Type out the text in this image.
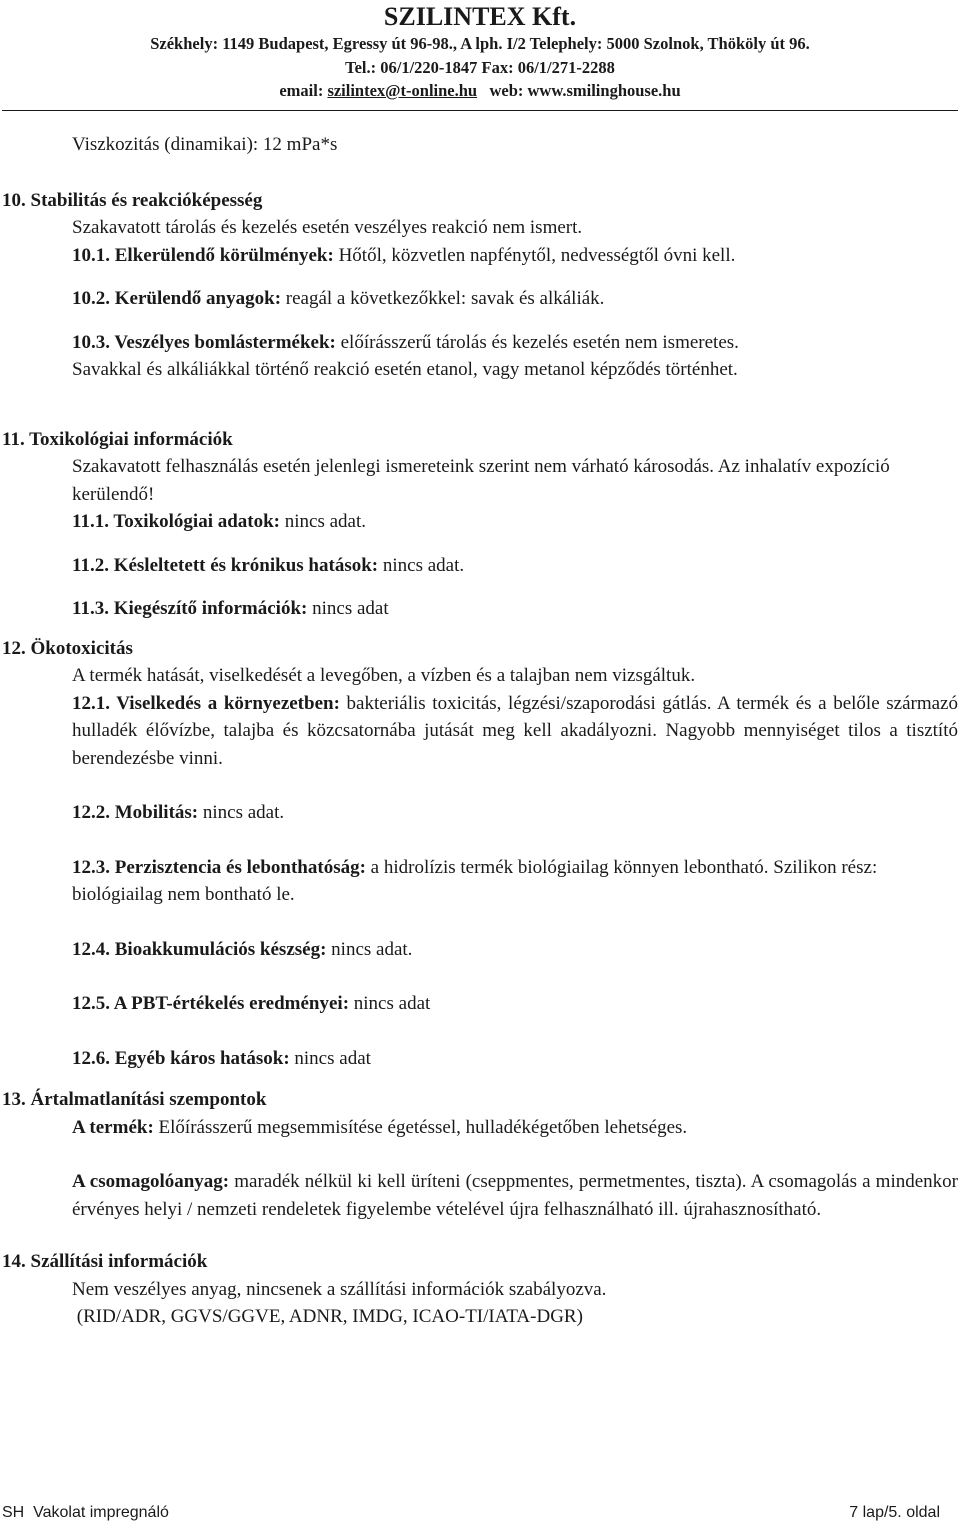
SZILINTEX Kft.
Székhely: 1149 Budapest, Egressy út 96-98., A lph. I/2 Telephely: 5000 Szolnok, Thököly út 96.
Tel.: 06/1/220-1847 Fax: 06/1/271-2288
email: szilintex@t-online.hu web: www.smilinghouse.hu

Viszkozitás (dinamikai): 12 mPa*s

10. Stabilitás és reakcióképesség

Szakavatott tárolás és kezelés esetén veszélyes reakció nem ismert.

10.1. Elkerülendő körülmények: Hőtől, közvetlen napfénytől, nedvességtől óvni kell.

10.2. Kerülendő anyagok: reagál a következőkkel: savak és alkáliák.

10.3. Veszélyes bomlástermékek: előírásszerű tárolás és kezelés esetén nem ismeretes.

Savakkal és alkáliákkal történő reakció esetén etanol, vagy metanol képződés történhet.

11. Toxikológiai információk

Szakavatott felhasználás esetén jelenlegi ismereteink szerint nem várható károsodás. Az inhalatív expozíció kerülendő!

11.1. Toxikológiai adatok: nincs adat.

11.2. Késleltetett és krónikus hatások: nincs adat.

11.3. Kiegészítő információk: nincs adat

12. Ökotoxicitás

A termék hatását, viselkedését a levegőben, a vízben és a talajban nem vizsgáltuk.

12.1. Viselkedés a környezetben: bakteriális toxicitás, légzési/szaporodási gátlás. A termék és a belőle származó hulladék élővízbe, talajba és közcsatornába jutását meg kell akadályozni. Nagyobb mennyiséget tilos a tisztító berendezésbe vinni.

12.2. Mobilitás: nincs adat.

12.3. Perzisztencia és lebonthatóság: a hidrolízis termék biológiailag könnyen lebontható. Szilikon rész: biológiailag nem bontható le.

12.4. Bioakkumulációs készség: nincs adat.

12.5. A PBT-értékelés eredményei: nincs adat

12.6. Egyéb káros hatások: nincs adat

13. Ártalmatlanítási szempontok

A termék: Előírásszerű megsemmisítése égetéssel, hulladékégetőben lehetséges.

A csomagolóanyag: maradék nélkül ki kell üríteni (cseppmentes, permetmentes, tiszta). A csomagolás a mindenkor érvényes helyi / nemzeti rendeletek figyelembe vételével újra felhasználható ill. újrahasznosítható.

14. Szállítási információk

Nem veszélyes anyag, nincsenek a szállítási információk szabályozva.

(RID/ADR, GGVS/GGVE, ADNR, IMDG, ICAO-TI/IATA-DGR)

SH  Vakolat impregnáló	7 lap/5. oldal
